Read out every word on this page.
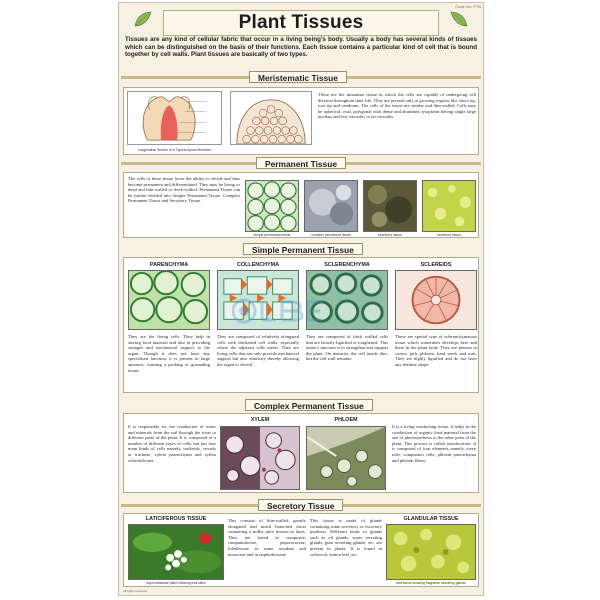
Code No: PTB
Plant Tissues
Tissues are any kind of cellular fabric that occur in a living being's body. Usually a body has several kinds of tissues which can be distinguished on the basis of their functions. Each tissue contains a particular kind of cell that is bound together by cell walls. Plant tissues are basically of two types.
Meristematic Tissue
Longitudinal Section of a Typical Apical Meristem
These are the immature tissue in which the cells are capable of undergoing cell division throughout their life. They are present only at growing regions like shoot tip, root tip and cambium. The cells of the tissue are similar and thin-walled. Cells may be spherical, oval, polygonal with dense and abundant cytoplasm having single large nucleus and few vacuoles or no vacuoles.
Permanent Tissue
The cells of these tissue loose the ability to divide and thus become permanent and differentiated. They may be living or dead and thin-walled or thick-walled. Permanent Tissue can be further divided into Simple Permanent Tissue, Complex Permanent Tissue and Secretory Tissue.
simple permanent tissue	complex permanent tissue	secretory tissue	secretory tissue
Simple Permanent Tissue
PARENCHYMA	COLLENCHYMA	SCLERENCHYMA	SCLEREIDS
They are the living cells. They help in storing food material and also in providing strength and mechanical support to the organ. Though it does not have any specialised function, it is present in large amounts, forming a packing or grounding tissue.
They are composed of relatively elongated cells with thickened cell walls, especially where the adjacent cells meets. They are living cells that not only provide mechanical support but also elasticity thereby allowing the organ to stretch.
They are composed of thick walled cells that are heavily lignified or toughened. This tissue's function is to strengthen and support the plant. On maturity, the cell inside dies, but the cell wall remains.
These are special type of sclerenchymatous tissue which sometimes develops here and there in the plant body. They are present in cortex, pith, phloem, hard seeds and nuts. They are highly lignified and do not have any definite shape.
Complex Permanent Tissue
It is responsible for the conduction of water and minerals from the soil through the roots to different parts of the plant. It is composed of a number of different types of cells, but has four main kinds of cells namely, tracheids, vessels or tracheae, xylem parenchyma and xylem sclerenchyma.
XYLEM	PHLOEM
It is a living conducting tissue. It helps in the conduction of organic food material from the site of photosynthesis to the other parts of the plant. This process is called translocation. It is composed of four elements namely, sieve tube, companion cells, phloem parenchyma and phloem fibres.
Secretory Tissue
LATICIFEROUS TISSUE
euphorbiaceae plant showing milk latex
This consists of thin-walled, greatly elongated and much branched ducts containing a milky juice known as latex. They are found in composite, campanulaceae, papaveraceae, lobeliaceae, in some aroideae and moraceae and in euphorbiaceae.
This tissue is made of glands containing some secretory or excretory products. Different kinds of glands such as oil glands, water secreting glands, gum secreting glands, etc. are present in plants. It is found in softwood, lemon leaf, etc.
GLANDULAR TISSUE
leaf tissue showing fragrance secreting glands
All rights reserved.
